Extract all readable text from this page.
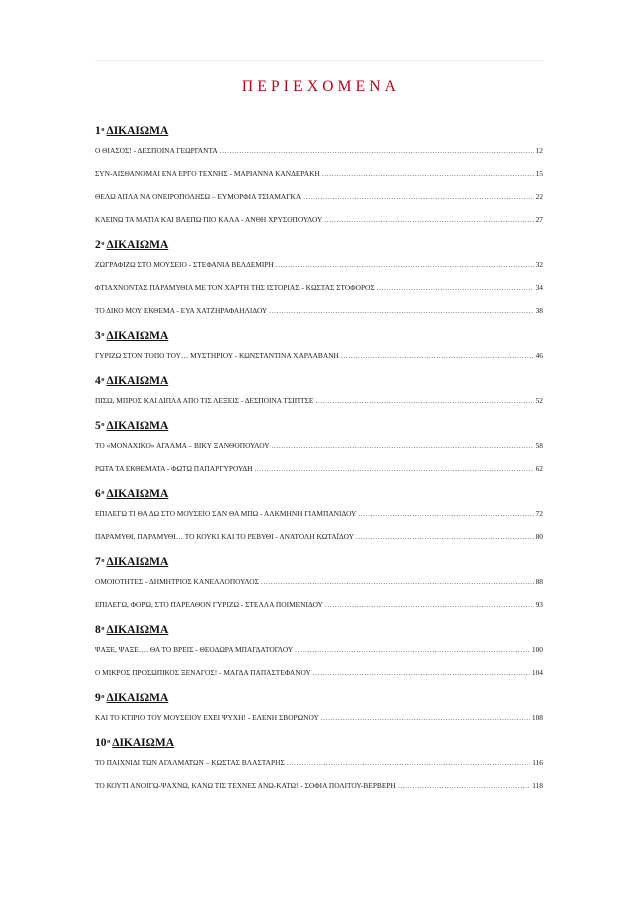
ΠΕΡΙΕΧΟΜΕΝΑ
$1^o$ ΔΙΚΑΙΩΜΑ
Ο ΘΙΑΣΟΣ! - ΔΕΣΠΟΙΝΑ ΓΕΩΡΓΑΝΤΑ .....	12
ΣΥΝ-ΑΙΣΘΑΝΟΜΑΙ ΕΝΑ ΕΡΓΟ ΤΕΧΝΗΣ - ΜΑΡΙΑΝΝΑ ΚΑΝΔΕΡΑΚΗ .....	15
ΘΕΛΩ ΑΠΛΑ ΝΑ ΟΝΕΙΡΟΠΟΛΗΣΩ – ΕΥΜΟΡΦΙΑ ΤΣΙΑΜΑΓΚΑ .....	22
ΚΛΕΙΝΩ ΤΑ ΜΑΤΙΑ ΚΑΙ ΒΛΕΠΩ ΠΙΟ ΚΑΛΑ - ΑΝΘΗ ΧΡΥΣΟΠΟΥΛΟΥ .....	27
$2^o$ ΔΙΚΑΙΩΜΑ
ΖΩΓΡΑΦΙΖΩ ΣΤΟ ΜΟΥΣΕΙΟ - ΣΤΕΦΑΝΙΑ ΒΕΛΔΕΜΙΡΗ .....	32
ΦΤΙΑΧΝΟΝΤΑΣ ΠΑΡΑΜΥΘΙΑ ΜΕ ΤΟΝ ΧΑΡΤΗ ΤΗΣ ΙΣΤΟΡΙΑΣ - ΚΩΣΤΑΣ ΣΤΟΦΟΡΟΣ .....	34
ΤΟ ΔΙΚΟ ΜΟΥ ΕΚΘΕΜΑ - ΕΥΑ ΧΑΤΖΗΡΑΦΑΗΛΙΔΟΥ .....	38
$3^o$ ΔΙΚΑΙΩΜΑ
ΓΥΡΙΖΩ ΣΤΟΝ ΤΟΠΟ ΤΟΥ… ΜΥΣΤΗΡΙΟΥ - ΚΩΝΣΤΑΝΤΙΝΑ ΧΑΡΛΑΒΑΝΗ .....	46
$4^o$ ΔΙΚΑΙΩΜΑ
ΠΙΣΩ, ΜΠΡΟΣ ΚΑΙ ΔΙΠΛΑ ΑΠΟ ΤΙΣ ΛΕΞΕΙΣ - ΔΕΣΠΟΙΝΑ ΤΣΙΠΤΣΕ .....	52
$5^o$ ΔΙΚΑΙΩΜΑ
ΤΟ «ΜΟΝΑΧΙΚΟ» ΑΓΑΛΜΑ – ΒΙΚΥ ΞΑΝΘΟΠΟΥΛΟΥ .....	58
ΡΩΤΑ ΤΑ ΕΚΘΕΜΑΤΑ - ΦΩΤΩ ΠΑΠΑΡΓΥΡΟΥΔΗ .....	62
$6^o$ ΔΙΚΑΙΩΜΑ
ΕΠΙΛΕΓΩ ΤΙ ΘΑ ΔΩ ΣΤΟ ΜΟΥΣΕΙΟ ΣΑΝ ΘΑ ΜΠΩ - ΑΛΚΜΗΝΗ ΓΙΑΜΠΑΝΙΔΟΥ .....	72
ΠΑΡΑΜΥΘΙ, ΠΑΡΑΜΥΘΙ… ΤΟ ΚΟΥΚΙ ΚΑΙ ΤΟ ΡΕΒΥΘΙ - ΑΝΑΤΟΛΗ ΚΩΤΑΪΔΟΥ .....	80
$7^o$ ΔΙΚΑΙΩΜΑ
ΟΜΟΙΟΤΗΤΕΣ - ΔΗΜΗΤΡΙΟΣ ΚΑΝΕΛΛΟΠΟΥΛΟΣ .....	88
ΕΠΙΛΕΓΩ, ΦΟΡΩ, ΣΤΟ ΠΑΡΕΛΘΟΝ ΓΥΡΙΖΩ - ΣΤΕΛΛΑ ΠΟΙΜΕΝΙΔΟΥ .....	93
$8^o$ ΔΙΚΑΙΩΜΑ
ΨΑΞΕ, ΨΑΞΕ…. ΘΑ ΤΟ ΒΡΕΙΣ - ΘΕΟΔΩΡΑ ΜΠΑΓΔΑΤΟΓΛΟΥ .....	100
Ο ΜΙΚΡΟΣ ΠΡΟΣΩΠΙΚΟΣ ΞΕΝΑΓΟΣ! - ΜΑΓΔΑ ΠΑΠΑΣΤΕΦΑΝΟΥ .....	104
$9^o$ ΔΙΚΑΙΩΜΑ
ΚΑΙ ΤΟ ΚΤΙΡΙΟ ΤΟΥ ΜΟΥΣΕΙΟΥ ΕΧΕΙ ΨΥΧΗ! - ΕΛΕΝΗ ΣΒΟΡΩΝΟΥ .....	108
$10^o$ ΔΙΚΑΙΩΜΑ
ΤΟ ΠΑΙΧΝΙΔΙ ΤΩΝ ΑΓΑΛΜΑΤΩΝ – ΚΩΣΤΑΣ ΒΛΑΣΤΑΡΗΣ .....	116
ΤΟ ΚΟΥΤΙ ΑΝΟΙΓΩ-ΨΑΧΝΩ, ΚΑΝΩ ΤΙΣ ΤΕΧΝΕΣ ΑΝΩ-ΚΑΤΩ! - ΣΟΦΙΑ ΠΟΛΙΤΟΥ-ΒΕΡΒΕΡΗ .....	118
